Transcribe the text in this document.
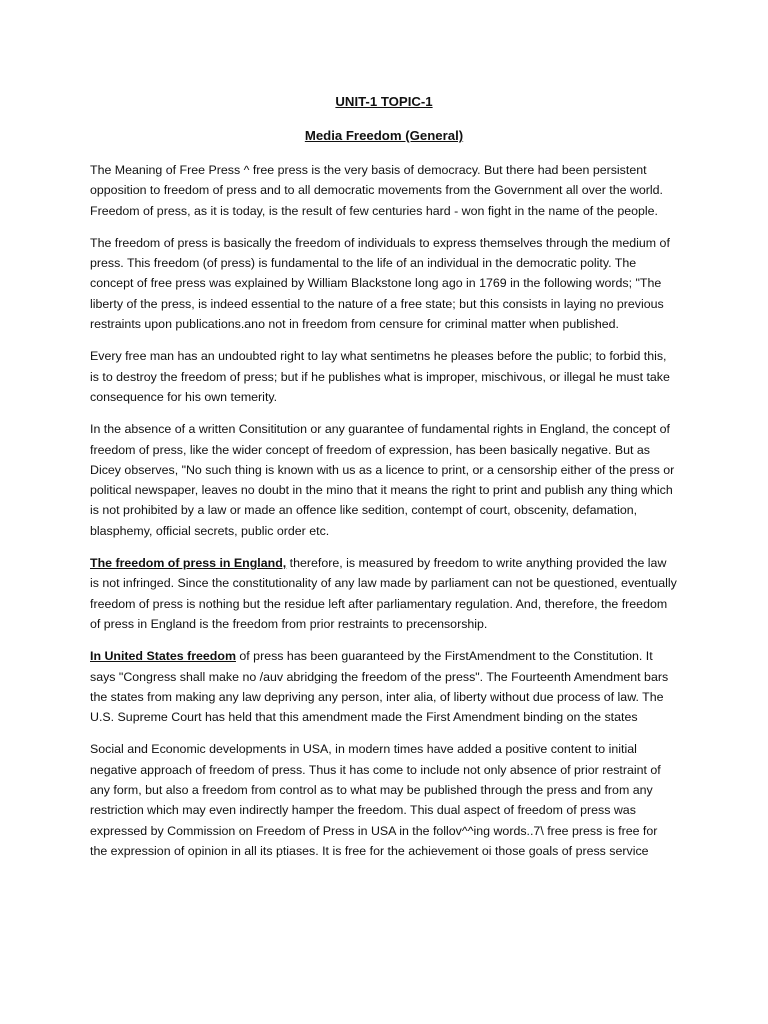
UNIT-1 TOPIC-1
Media Freedom (General)

The Meaning of Free Press ^ free press is the very basis of democracy. But there had been persistent opposition to freedom of press and to all democratic movements from the Government all over the world. Freedom of press, as it is today, is the result of few centuries hard - won fight in the name of the people.

The freedom of press is basically the freedom of individuals to express themselves through the medium of press. This freedom (of press) is fundamental to the life of an individual in the democratic polity. The concept of free press was explained by William Blackstone long ago in 1769 in the following words; "The liberty of the press, is indeed essential to the nature of a free state; but this consists in laying no previous restraints upon publications.ano not in freedom from censure for criminal matter when published.

Every free man has an undoubted right to lay what sentimetns he pleases before the public; to forbid this, is to destroy the freedom of press; but if he publishes what is improper, mischivous, or illegal he must take consequence for his own temerity.

In the absence of a written Consititution or any guarantee of fundamental rights in England, the concept of freedom of press, like the wider concept of freedom of expression, has been basically negative. But as Dicey observes, "No such thing is known with us as a licence to print, or a censorship either of the press or political newspaper, leaves no doubt in the mino that it means the right to print and publish any thing which is not prohibited by a law or made an offence like sedition, contempt of court, obscenity, defamation, blasphemy, official secrets, public order etc.

The freedom of press in England, therefore, is measured by freedom to write anything provided the law is not infringed. Since the constitutionality of any law made by parliament can not be questioned, eventually freedom of press is nothing but the residue left after parliamentary regulation. And, therefore, the freedom of press in England is the freedom from prior restraints to precensorship.

In United States freedom of press has been guaranteed by the FirstAmendment to the Constitution. It says "Congress shall make no /auv abridging the freedom of the press". The Fourteenth Amendment bars the states from making any law depriving any person, inter alia, of liberty without due process of law. The U.S. Supreme Court has held that this amendment made the First Amendment binding on the states

Social and Economic developments in USA, in modern times have added a positive content to initial negative approach of freedom of press. Thus it has come to include not only absence of prior restraint of any form, but also a freedom from control as to what may be published through the press and from any restriction which may even indirectly hamper the freedom. This dual aspect of freedom of press was expressed by Commission on Freedom of Press in USA in the follov^^ing words..7\ free press is free for the expression of opinion in all its ptiases. It is free for the achievement oi those goals of press service
